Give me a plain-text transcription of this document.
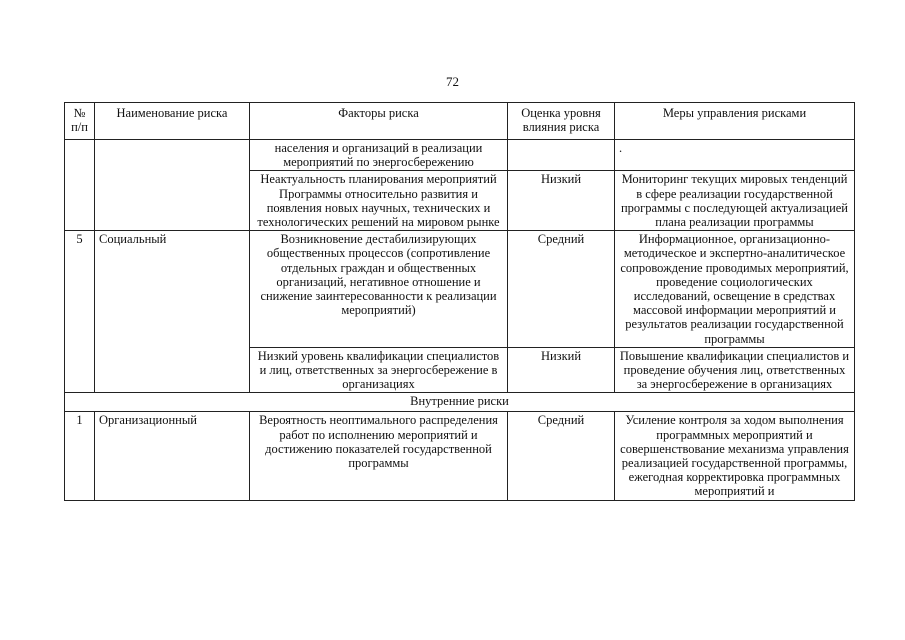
72
№ п/п	Наименование риска	Факторы риска	Оценка уровня влияния риска	Меры управления рисками
		населения и организаций в реализации мероприятий по энергосбережению		.
		Неактуальность планирования мероприятий Программы относительно развития и появления новых научных, технических и технологических решений на мировом рынке	Низкий	Мониторинг текущих мировых тенденций в сфере реализации государственной программы с последующей актуализацией плана реализации программы
5	Социальный	Возникновение дестабилизирующих общественных процессов (сопротивление отдельных граждан и общественных организаций, негативное отношение и снижение заинтересованности к реализации мероприятий)	Средний	Информационное, организационно-методическое и экспертно-аналитическое сопровождение проводимых мероприятий, проведение социологических исследований, освещение в средствах массовой информации мероприятий и результатов реализации государственной программы
		Низкий уровень квалификации специалистов и лиц, ответственных за энергосбережение в организациях	Низкий	Повышение квалификации специалистов и проведение обучения лиц, ответственных за энергосбережение в организациях
Внутренние риски				
1	Организационный	Вероятность неоптимального распределения работ по исполнению мероприятий и достижению показателей государственной программы	Средний	Усиление контроля за ходом выполнения программных мероприятий и совершенствование механизма управления реализацией государственной программы, ежегодная корректировка программных мероприятий и
